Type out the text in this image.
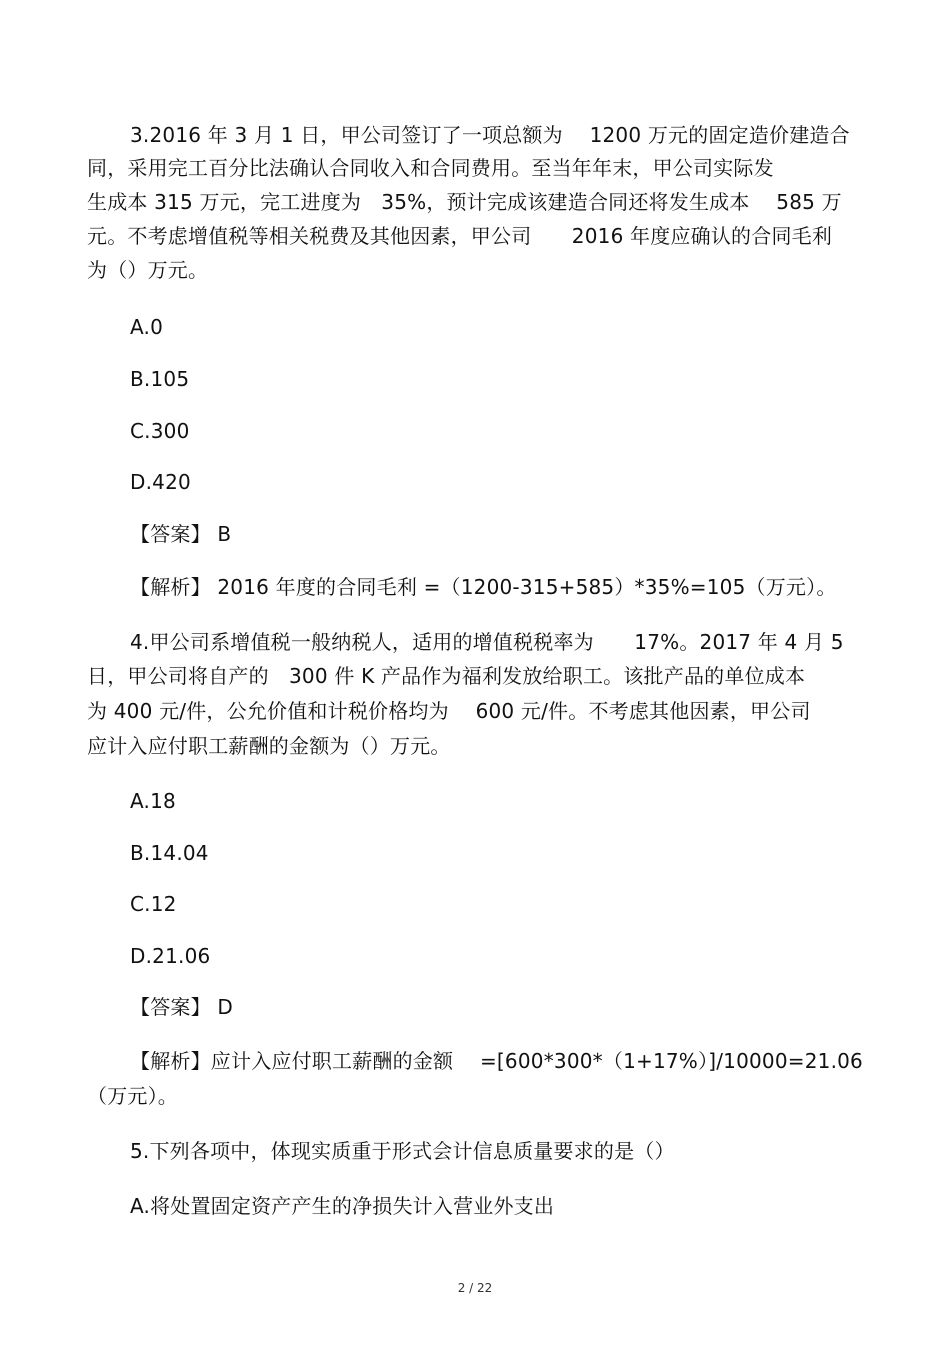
3.2016 年 3 月 1 日，甲公司签订了一项总额为　 1200 万元的固定造价建造合
同，采用完工百分比法确认合同收入和合同费用。至当年年末，甲公司实际发
生成本 315 万元，完工进度为　35%，预计完成该建造合同还将发生成本　 585 万
元。不考虑增值税等相关税费及其他因素，甲公司　　2016 年度应确认的合同毛利
为（）万元。
A.0
B.105
C.300
D.420
【答案】 B
【解析】 2016 年度的合同毛利 =（1200-315+585）*35%=105（万元）。
4.甲公司系增值税一般纳税人，适用的增值税税率为　　17%。2017 年 4 月 5
日，甲公司将自产的　300 件 K 产品作为福利发放给职工。该批产品的单位成本
为 400 元/件，公允价值和计税价格均为　 600 元/件。不考虑其他因素，甲公司
应计入应付职工薪酬的金额为（）万元。
A.18
B.14.04
C.12
D.21.06
【答案】 D
【解析】应计入应付职工薪酬的金额　 =[600*300*（1+17%）]/10000=21.06
（万元）。
5.下列各项中，体现实质重于形式会计信息质量要求的是（）
A.将处置固定资产产生的净损失计入营业外支出
2 / 22
